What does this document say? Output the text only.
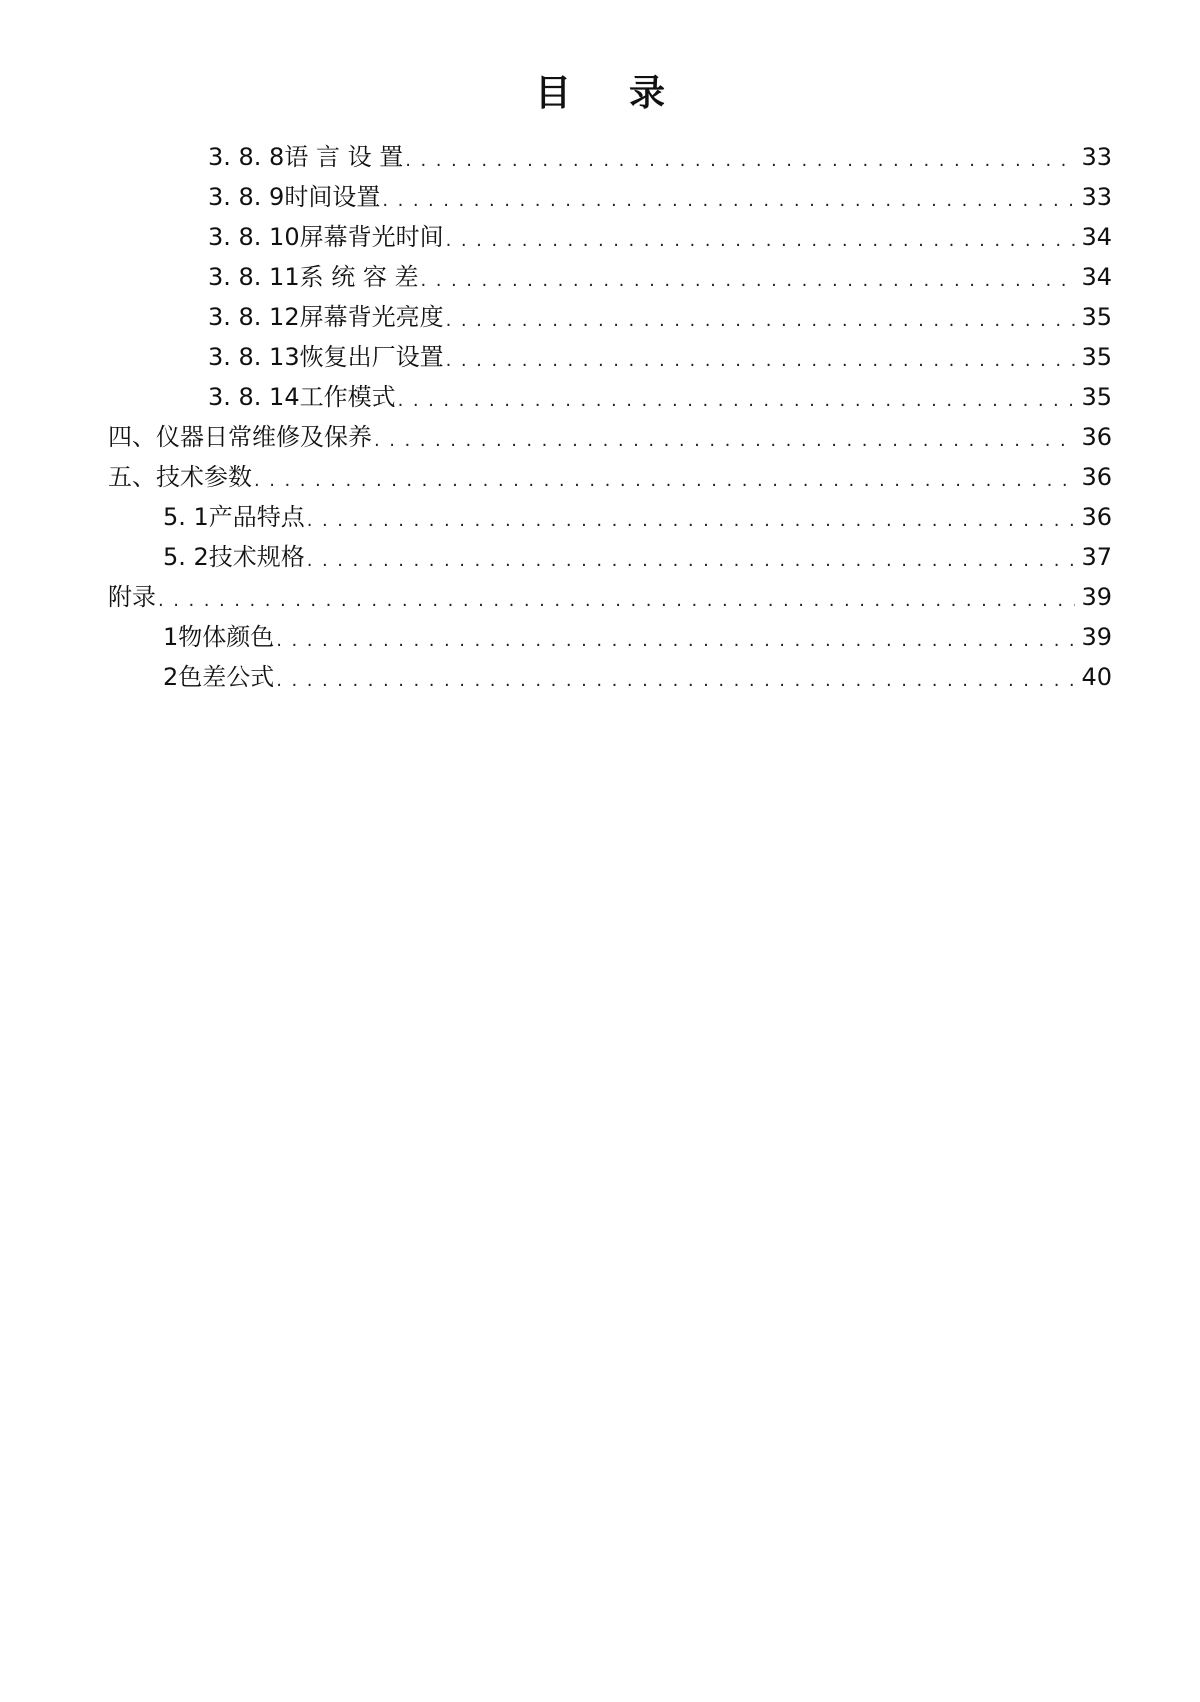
目 录
3. 8. 8语 言 设 置 . . .	33
3. 8. 9时间设置 . . .	33
3. 8. 10屏幕背光时间 . . .	34
3. 8. 11系 统 容 差 . . .	34
3. 8. 12屏幕背光亮度 . . .	35
3. 8. 13恢复出厂设置 . . .	35
3. 8. 14工作模式 . . .	35
四、仪器日常维修及保养 . . .	36
五、技术参数 . . .	36
5. 1产品特点 . . .	36
5. 2技术规格 . . .	37
附录 . . .	39
1物体颜色 . . .	39
2色差公式 . . .	40
